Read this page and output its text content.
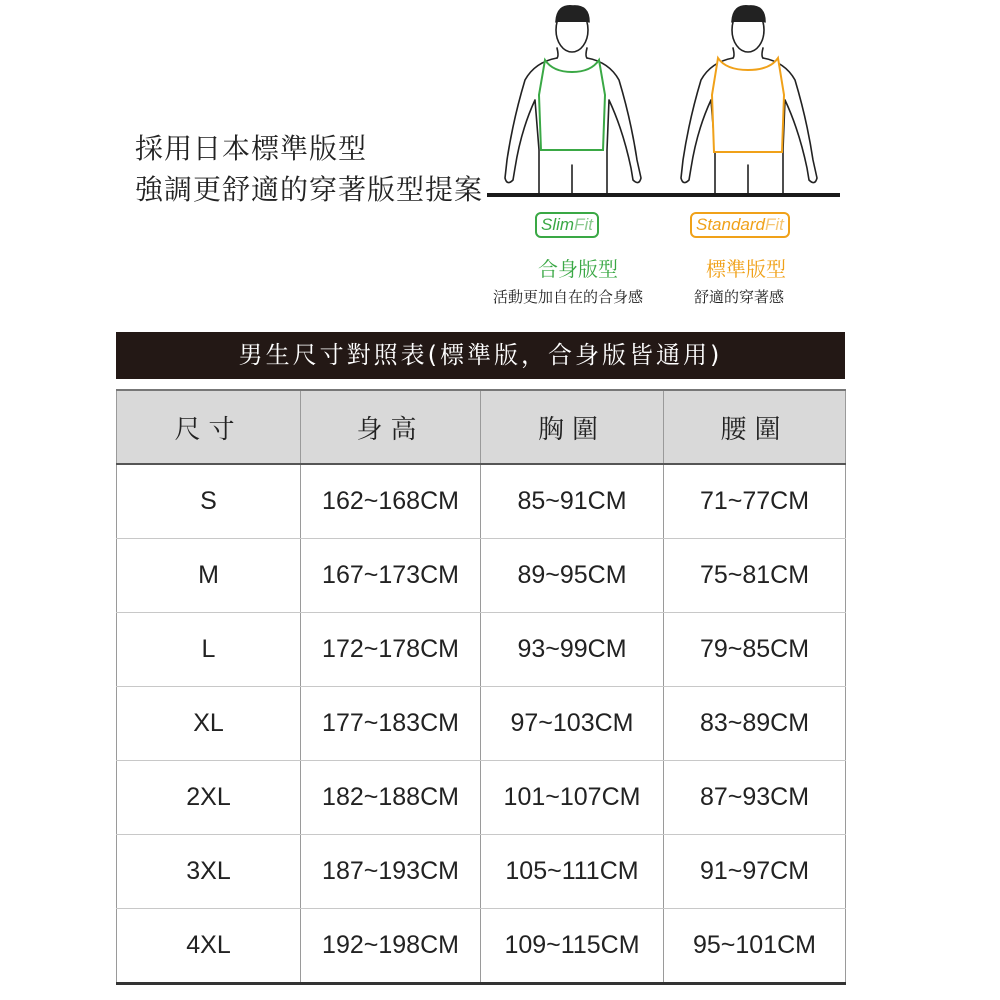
採用日本標準版型
強調更舒適的穿著版型提案
SlimFit	StandardFit
合身版型	標準版型
活動更加自在的合身感	舒適的穿著感
男生尺寸對照表(標準版，合身版皆通用)
尺寸	身高	胸圍	腰圍
S	162~168CM	85~91CM	71~77CM
M	167~173CM	89~95CM	75~81CM
L	172~178CM	93~99CM	79~85CM
XL	177~183CM	97~103CM	83~89CM
2XL	182~188CM	101~107CM	87~93CM
3XL	187~193CM	105~111CM	91~97CM
4XL	192~198CM	109~115CM	95~101CM
